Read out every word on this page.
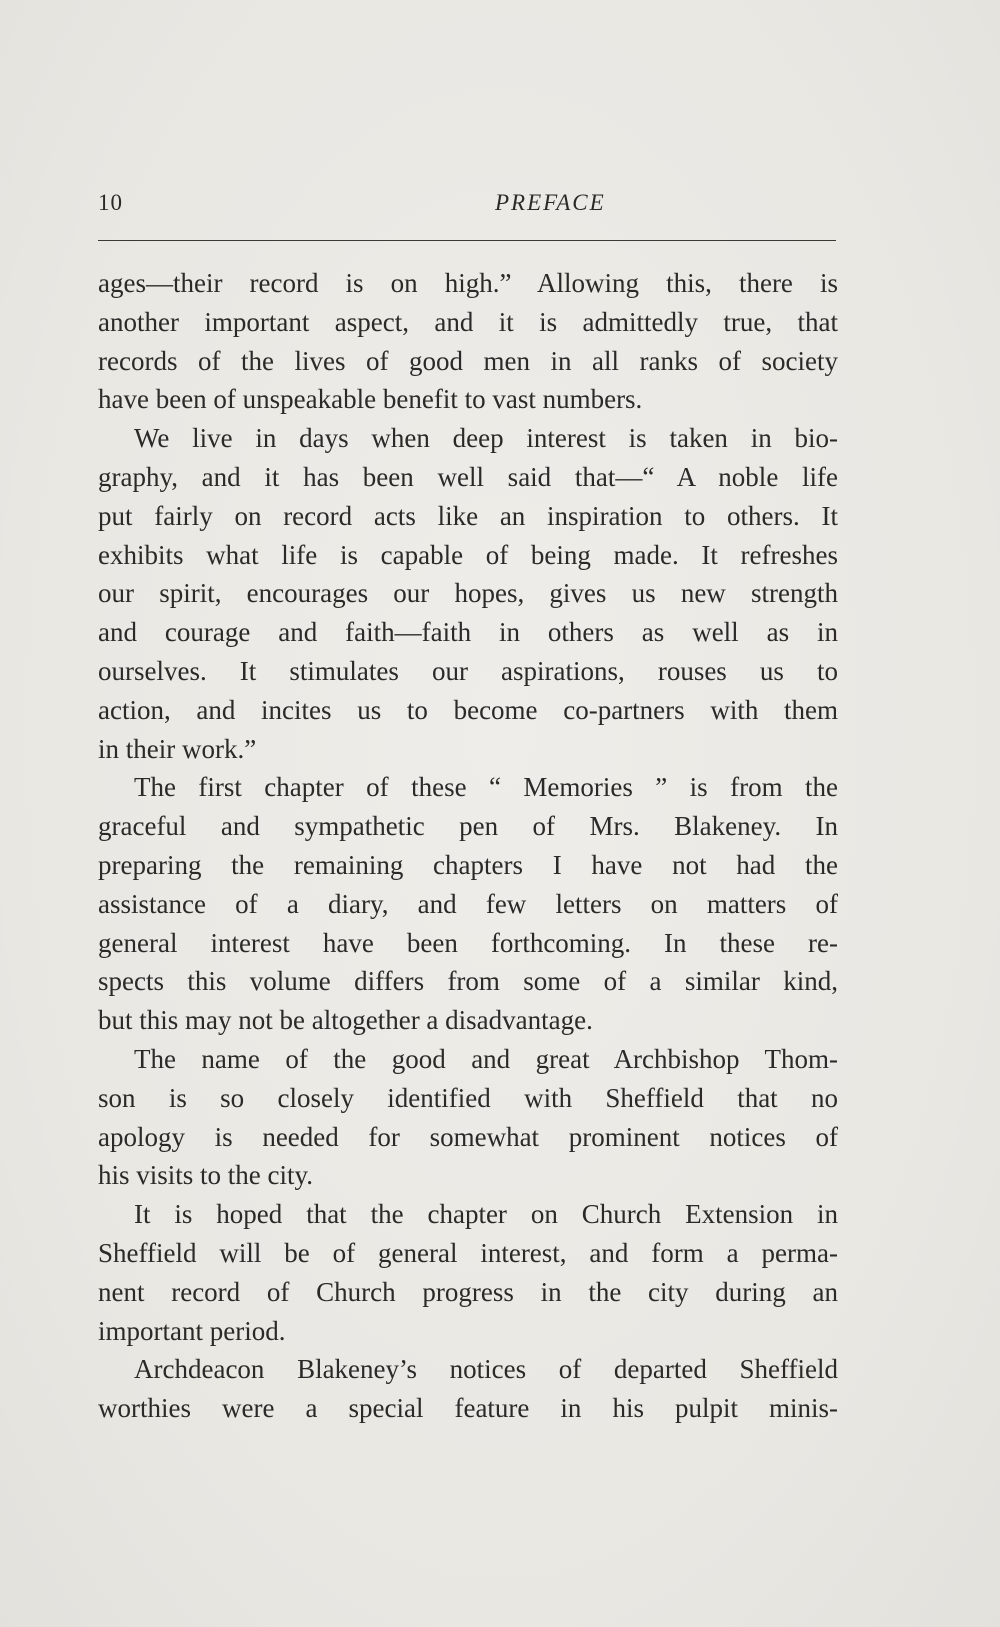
10	PREFACE
ages—their record is on high.” Allowing this, there is
another important aspect, and it is admittedly true, that
records of the lives of good men in all ranks of society
have been of unspeakable benefit to vast numbers.
We live in days when deep interest is taken in bio-
graphy, and it has been well said that—“ A noble life
put fairly on record acts like an inspiration to others. It
exhibits what life is capable of being made. It refreshes
our spirit, encourages our hopes, gives us new strength
and courage and faith—faith in others as well as in
ourselves. It stimulates our aspirations, rouses us to
action, and incites us to become co-partners with them
in their work.”
The first chapter of these “ Memories ” is from the
graceful and sympathetic pen of Mrs. Blakeney. In
preparing the remaining chapters I have not had the
assistance of a diary, and few letters on matters of
general interest have been forthcoming. In these re-
spects this volume differs from some of a similar kind,
but this may not be altogether a disadvantage.
The name of the good and great Archbishop Thom-
son is so closely identified with Sheffield that no
apology is needed for somewhat prominent notices of
his visits to the city.
It is hoped that the chapter on Church Extension in
Sheffield will be of general interest, and form a perma-
nent record of Church progress in the city during an
important period.
Archdeacon Blakeney’s notices of departed Sheffield
worthies were a special feature in his pulpit minis-
